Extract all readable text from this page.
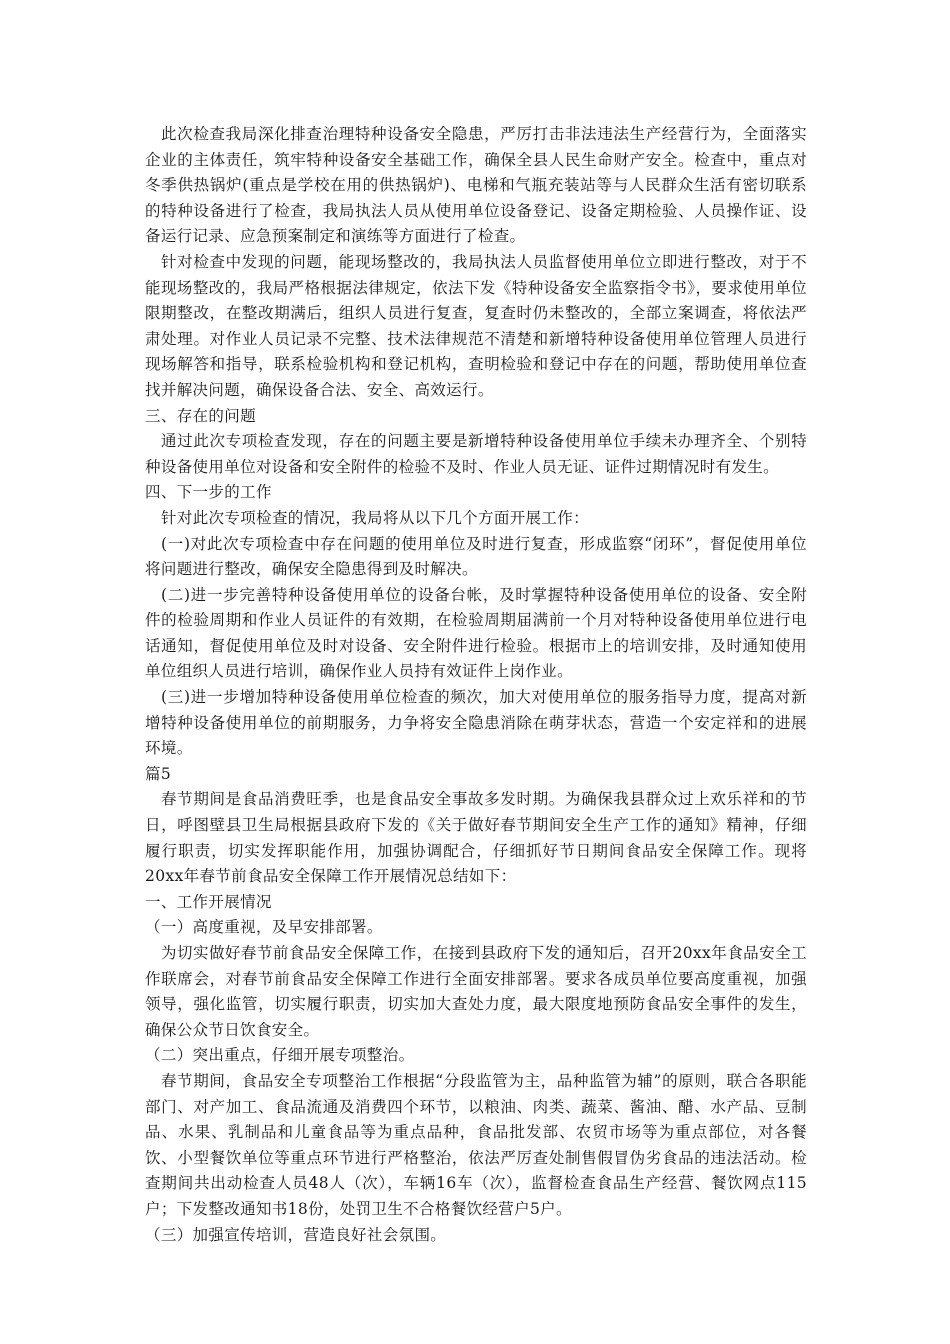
此次检查我局深化排查治理特种设备安全隐患，严厉打击非法违法生产经营行为，全面落实企业的主体责任，筑牢特种设备安全基础工作，确保全县人民生命财产安全。检查中，重点对冬季供热锅炉(重点是学校在用的供热锅炉)、电梯和气瓶充装站等与人民群众生活有密切联系的特种设备进行了检查，我局执法人员从使用单位设备登记、设备定期检验、人员操作证、设备运行记录、应急预案制定和演练等方面进行了检查。

针对检查中发现的问题，能现场整改的，我局执法人员监督使用单位立即进行整改，对于不能现场整改的，我局严格根据法律规定，依法下发《特种设备安全监察指令书》，要求使用单位限期整改，在整改期满后，组织人员进行复查，复查时仍未整改的，全部立案调查，将依法严肃处理。对作业人员记录不完整、技术法律规范不清楚和新增特种设备使用单位管理人员进行现场解答和指导，联系检验机构和登记机构，查明检验和登记中存在的问题，帮助使用单位查找并解决问题，确保设备合法、安全、高效运行。

三、存在的问题

通过此次专项检查发现，存在的问题主要是新增特种设备使用单位手续未办理齐全、个别特种设备使用单位对设备和安全附件的检验不及时、作业人员无证、证件过期情况时有发生。

四、下一步的工作

针对此次专项检查的情况，我局将从以下几个方面开展工作：

(一)对此次专项检查中存在问题的使用单位及时进行复查，形成监察“闭环”，督促使用单位将问题进行整改，确保安全隐患得到及时解决。

(二)进一步完善特种设备使用单位的设备台帐，及时掌握特种设备使用单位的设备、安全附件的检验周期和作业人员证件的有效期，在检验周期届满前一个月对特种设备使用单位进行电话通知，督促使用单位及时对设备、安全附件进行检验。根据市上的培训安排，及时通知使用单位组织人员进行培训，确保作业人员持有效证件上岗作业。

(三)进一步增加特种设备使用单位检查的频次，加大对使用单位的服务指导力度，提高对新增特种设备使用单位的前期服务，力争将安全隐患消除在萌芽状态，营造一个安定祥和的进展环境。

篇5

春节期间是食品消费旺季，也是食品安全事故多发时期。为确保我县群众过上欢乐祥和的节日，呼图壁县卫生局根据县政府下发的《关于做好春节期间安全生产工作的通知》精神，仔细履行职责，切实发挥职能作用，加强协调配合，仔细抓好节日期间食品安全保障工作。现将20xx年春节前食品安全保障工作开展情况总结如下：

一、工作开展情况

（一）高度重视，及早安排部署。

为切实做好春节前食品安全保障工作，在接到县政府下发的通知后，召开20xx年食品安全工作联席会，对春节前食品安全保障工作进行全面安排部署。要求各成员单位要高度重视，加强领导，强化监管，切实履行职责，切实加大查处力度，最大限度地预防食品安全事件的发生，确保公众节日饮食安全。

（二）突出重点，仔细开展专项整治。

春节期间，食品安全专项整治工作根据“分段监管为主，品种监管为辅”的原则，联合各职能部门、对产加工、食品流通及消费四个环节，以粮油、肉类、蔬菜、酱油、醋、水产品、豆制品、水果、乳制品和儿童食品等为重点品种，食品批发部、农贸市场等为重点部位，对各餐饮、小型餐饮单位等重点环节进行严格整治，依法严厉查处制售假冒伪劣食品的违法活动。检查期间共出动检查人员48人（次），车辆16车（次），监督检查食品生产经营、餐饮网点115户；下发整改通知书18份，处罚卫生不合格餐饮经营户5户。

（三）加强宣传培训，营造良好社会氛围。
